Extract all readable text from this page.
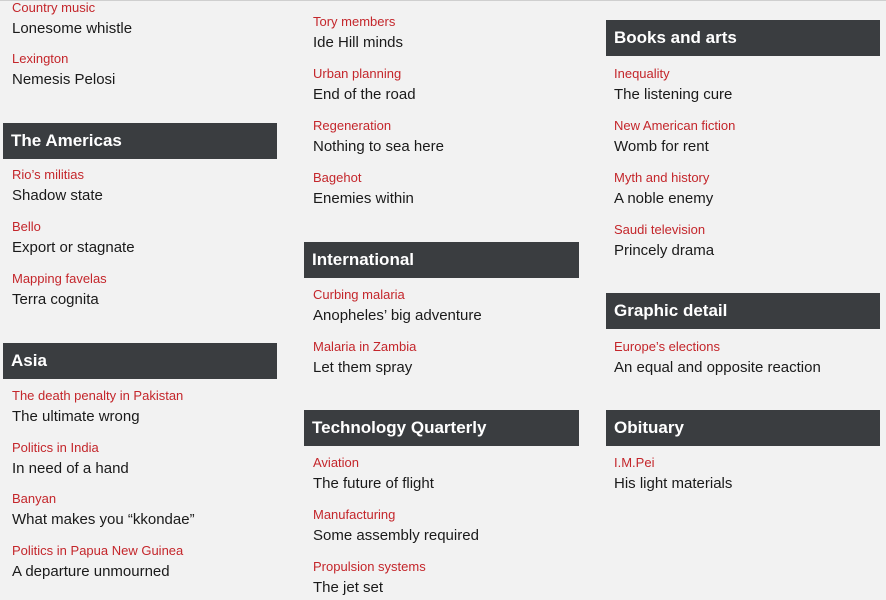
Country music
Lonesome whistle
Lexington
Nemesis Pelosi
The Americas
Rio’s militias
Shadow state
Bello
Export or stagnate
Mapping favelas
Terra cognita
Asia
The death penalty in Pakistan
The ultimate wrong
Politics in India
In need of a hand
Banyan
What makes you “kkondae”
Politics in Papua New Guinea
A departure unmourned
Tory members
Ide Hill minds
Urban planning
End of the road
Regeneration
Nothing to sea here
Bagehot
Enemies within
International
Curbing malaria
Anopheles’ big adventure
Malaria in Zambia
Let them spray
Technology Quarterly
Aviation
The future of flight
Manufacturing
Some assembly required
Propulsion systems
The jet set
Books and arts
Inequality
The listening cure
New American fiction
Womb for rent
Myth and history
A noble enemy
Saudi television
Princely drama
Graphic detail
Europe’s elections
An equal and opposite reaction
Obituary
I.M.Pei
His light materials
